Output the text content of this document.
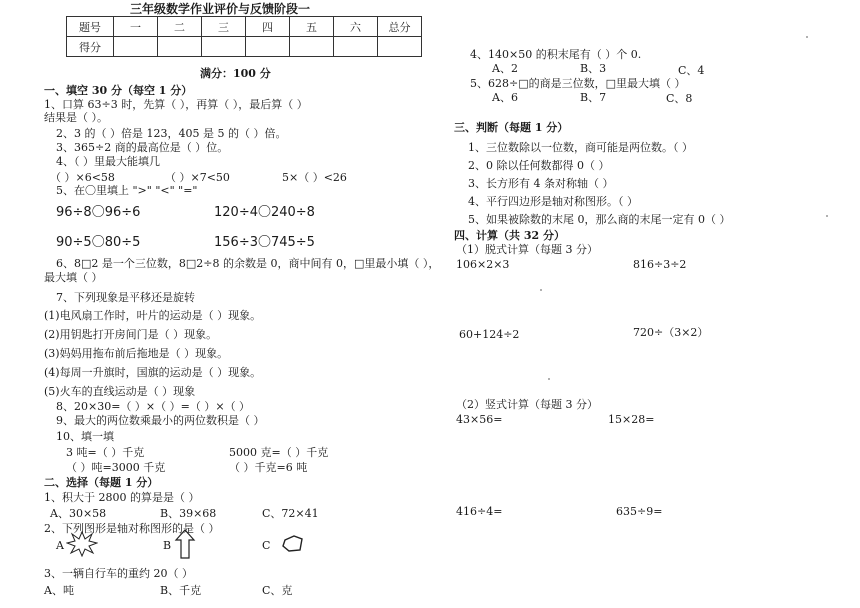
三年级数学作业评价与反馈阶段一
题号	一	二	三	四	五	六	总分
得分							
满分：100 分
一、填空 30 分（每空 1 分）
1、口算 63÷3 时，先算（ ），再算（ ），最后算（ ）
结果是（ ）。
2、3 的（ ）倍是 123，405 是 5 的（ ）倍。
3、365÷2 商的最高位是（ ）位。
4、（ ）里最大能填几
（ ）×6<58	（ ）×7<50	5×（ ）<26
5、在〇里填上 ">" "<" "="
96÷8〇96÷6	120÷4〇240÷8
90÷5〇80÷5	156÷3〇745÷5
6、8□2 是一个三位数，8□2÷8 的余数是 0，商中间有 0，□里最小填（ ），
最大填（ ）
7、下列现象是平移还是旋转
(1)电风扇工作时，叶片的运动是（ ）现象。
(2)用钥匙打开房间门是（ ）现象。
(3)妈妈用拖布前后拖地是（ ）现象。
(4)每周一升旗时，国旗的运动是（ ）现象。
(5)火车的直线运动是（ ）现象
8、20×30=（ ）×（ ）=（ ）×（ ）
9、最大的两位数乘最小的两位数积是（ ）
10、填一填
3 吨=（ ）千克	5000 克=（ ）千克
（ ）吨=3000 千克	（ ）千克=6 吨
二、选择（每题 1 分）
1、积大于 2800 的算是是（ ）
A、30×58	B、39×68	C、72×41
2、下列图形是轴对称图形的是（ ）
A	B	C
3、一辆自行车的重约 20（ ）
A、吨	B、千克	C、克
4、140×50 的积末尾有（ ）个 0.
A、2	B、3	C、4
5、628÷□的商是三位数，□里最大填（ ）
A、6	B、7	C、8
三、判断（每题 1 分）
1、三位数除以一位数，商可能是两位数。（ ）
2、0 除以任何数都得 0（ ）
3、长方形有 4 条对称轴（ ）
4、平行四边形是轴对称图形。（ ）
5、如果被除数的末尾 0，那么商的末尾一定有 0（ ）
四、计算（共 32 分）
（1）脱式计算（每题 3 分）
106×2×3	816÷3÷2
60+124÷2	720÷（3×2）
（2）竖式计算（每题 3 分）
43×56=	15×28=
416÷4=	635÷9=
